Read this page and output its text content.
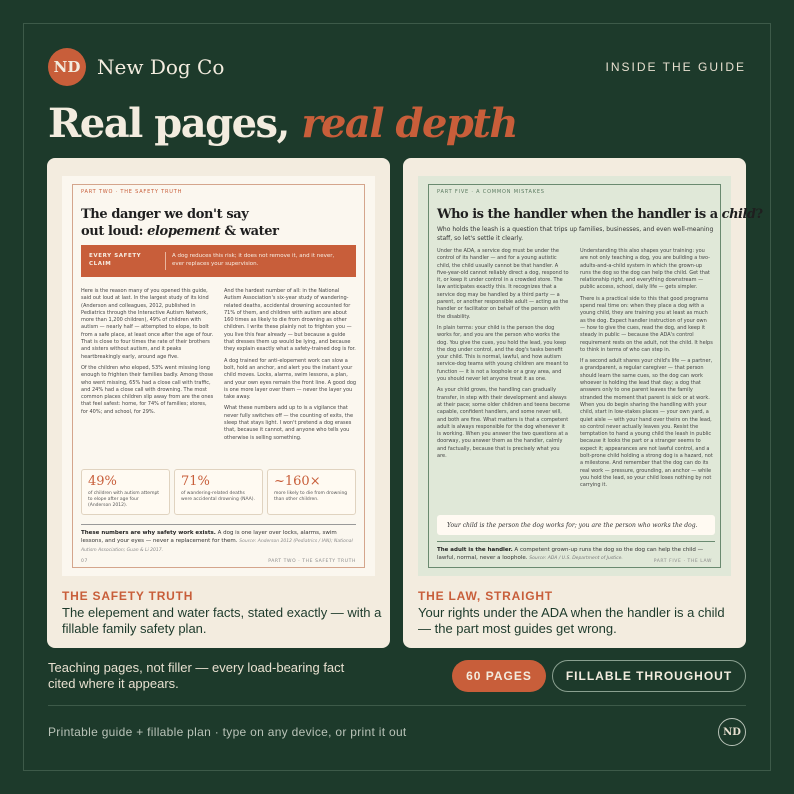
ND New Dog Co	INSIDE THE GUIDE
Real pages, real depth
PART TWO · THE SAFETY TRUTH
The danger we don't say
out loud: elopement & water
EVERY SAFETY CLAIM
A dog reduces this risk; it does not remove it, and it never, ever replaces your supervision.

Here is the reason many of you opened this guide, said out loud at last. In the largest study of its kind (Anderson and colleagues, 2012, published in Pediatrics through the Interactive Autism Network, more than 1,200 children), 49% of children with autism — nearly half — attempted to elope, to bolt from a safe place, at least once after the age of four. That is close to four times the rate of their brothers and sisters without autism, and it peaks heartbreakingly early, around age five.

Of the children who eloped, 53% went missing long enough to frighten their families badly. Among those who went missing, 65% had a close call with traffic, and 24% had a close call with drowning. The most common places children slip away from are the ones that feel safest: home, for 74% of families; stores, for 40%; and school, for 29%.

And the hardest number of all: in the National Autism Association's six-year study of wandering-related deaths, accidental drowning accounted for 71% of them, and children with autism are about 160 times as likely to die from drowning as other children. I write these plainly not to frighten you — you live this fear already — but because a guide that dresses them up would be lying, and because they explain exactly what a safety-trained dog is for.

A dog trained for anti-elopement work can slow a bolt, hold an anchor, and alert you the instant your child moves. Locks, alarms, swim lessons, a plan, and your own eyes remain the front line. A good dog is one more layer over them — never the layer you take away.

What these numbers add up to is a vigilance that never fully switches off — the counting of exits, the sleep that stays light. I won't pretend a dog erases that, because it cannot, and anyone who tells you otherwise is selling something.

49%
of children with autism attempt to elope after age four (Anderson 2012).
71%
of wandering-related deaths were accidental drowning (NAA).
~160×
more likely to die from drowning than other children.
These numbers are why safety work exists. A dog is one layer over locks, alarms, swim lessons, and your eyes — never a replacement for them. Source: Anderson 2012 (Pediatrics / IAN); National Autism Association; Guan & Li 2017.
07	PART TWO · THE SAFETY TRUTH
THE SAFETY TRUTH
The elepement and water facts, stated exactly — with a fillable family safety plan.
PART FIVE · A COMMON MISTAKES
Who is the handler when the handler is a child?
Who holds the leash is a question that trips up families, businesses, and even well-meaning staff, so let's settle it clearly.

Under the ADA, a service dog must be under the control of its handler — and for a young autistic child, the child usually cannot be that handler. A five-year-old cannot reliably direct a dog, respond to it, or keep it under control in a crowded store. The law anticipates exactly this. It recognizes that a service dog may be handled by a third party — a parent, or another responsible adult — acting as the handler or facilitator on behalf of the person with the disability.

In plain terms: your child is the person the dog works for, and you are the person who works the dog. You give the cues, you hold the lead, you keep the dog under control, and the dog's tasks benefit your child. This is normal, lawful, and how autism service-dog teams with young children are meant to function — it is not a loophole or a gray area, and you should never let anyone treat it as one.

As your child grows, the handling can gradually transfer, in step with their development and always at their pace; some older children and teens become capable, confident handlers, and some never will, and both are fine. What matters is that a competent adult is always responsible for the dog whenever it is working. When you answer the two questions at a doorway, you answer them as the handler, calmly and factually, because that is precisely what you are.

Understanding this also shapes your training: you are not only teaching a dog, you are building a two-adults-and-a-child system in which the grown-up runs the dog so the dog can help the child. Get that relationship right, and everything downstream — public access, school, daily life — gets simpler.

There is a practical side to this that good programs spend real time on: when they place a dog with a young child, they are training you at least as much as the dog. Expect handler instruction of your own — how to give the cues, read the dog, and keep it steady in public — because the ADA's control requirement rests on the adult, not the child. It helps to think in terms of who can step in.

If a second adult shares your child's life — a partner, a grandparent, a regular caregiver — that person should learn the same cues, so the dog can work whoever is holding the lead that day; a dog that answers only to one parent leaves the family stranded the moment that parent is sick or at work. When you do begin sharing the handling with your child, start in low-stakes places — your own yard, a quiet aisle — with your hand over theirs on the lead, so control never actually leaves you. Resist the temptation to hand a young child the leash in public because it looks the part or a stranger seems to expect it; appearances are not lawful control, and a bolt-prone child holding a strong dog is a hazard, not a milestone. And remember that the dog can do its real work — pressure, grounding, an anchor — while you hold the lead, so your child loses nothing by not carrying it.

Your child is the person the dog works for; you are the person who works the dog.
The adult is the handler. A competent grown-up runs the dog so the dog can help the child — lawful, normal, never a loophole. Source: ADA / U.S. Department of Justice.
PART FIVE · THE LAW
THE LAW, STRAIGHT
Your rights under the ADA when the handler is a child — the part most guides get wrong.
Teaching pages, not filler — every load-bearing fact cited where it appears.	60 PAGES	FILLABLE THROUGHOUT
Printable guide + fillable plan · type on any device, or print it out	ND
